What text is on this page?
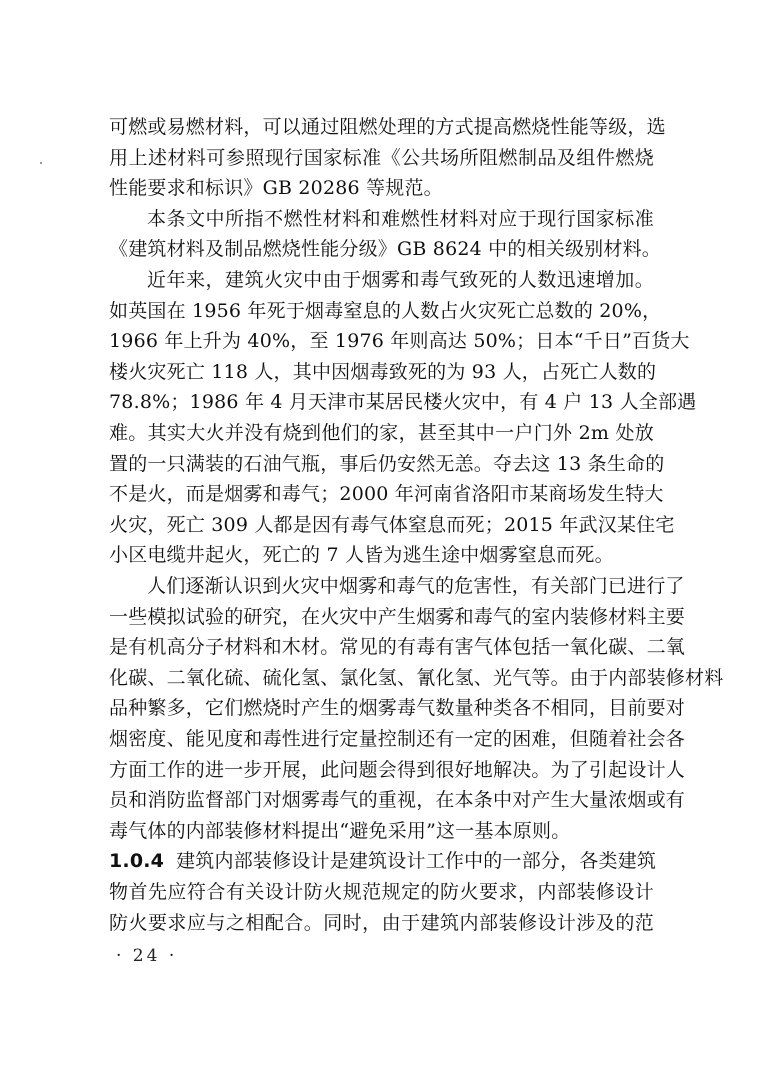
可燃或易燃材料，可以通过阻燃处理的方式提高燃烧性能等级，选
用上述材料可参照现行国家标准《公共场所阻燃制品及组件燃烧
性能要求和标识》GB 20286 等规范。
本条文中所指不燃性材料和难燃性材料对应于现行国家标准
《建筑材料及制品燃烧性能分级》GB 8624 中的相关级别材料。
近年来，建筑火灾中由于烟雾和毒气致死的人数迅速增加。
如英国在 1956 年死于烟毒窒息的人数占火灾死亡总数的 20%，
1966 年上升为 40%，至 1976 年则高达 50%；日本“千日”百货大
楼火灾死亡 118 人，其中因烟毒致死的为 93 人，占死亡人数的
78.8%；1986 年 4 月天津市某居民楼火灾中，有 4 户 13 人全部遇
难。其实大火并没有烧到他们的家，甚至其中一户门外 2m 处放
置的一只满装的石油气瓶，事后仍安然无恙。夺去这 13 条生命的
不是火，而是烟雾和毒气；2000 年河南省洛阳市某商场发生特大
火灾，死亡 309 人都是因有毒气体窒息而死；2015 年武汉某住宅
小区电缆井起火，死亡的 7 人皆为逃生途中烟雾窒息而死。
人们逐渐认识到火灾中烟雾和毒气的危害性，有关部门已进行了
一些模拟试验的研究，在火灾中产生烟雾和毒气的室内装修材料主要
是有机高分子材料和木材。常见的有毒有害气体包括一氧化碳、二氧
化碳、二氧化硫、硫化氢、氯化氢、氰化氢、光气等。由于内部装修材料
品种繁多，它们燃烧时产生的烟雾毒气数量种类各不相同，目前要对
烟密度、能见度和毒性进行定量控制还有一定的困难，但随着社会各
方面工作的进一步开展，此问题会得到很好地解决。为了引起设计人
员和消防监督部门对烟雾毒气的重视，在本条中对产生大量浓烟或有
毒气体的内部装修材料提出“避免采用”这一基本原则。
1.0.4 建筑内部装修设计是建筑设计工作中的一部分，各类建筑
物首先应符合有关设计防火规范规定的防火要求，内部装修设计
防火要求应与之相配合。同时，由于建筑内部装修设计涉及的范
· 24 ·
